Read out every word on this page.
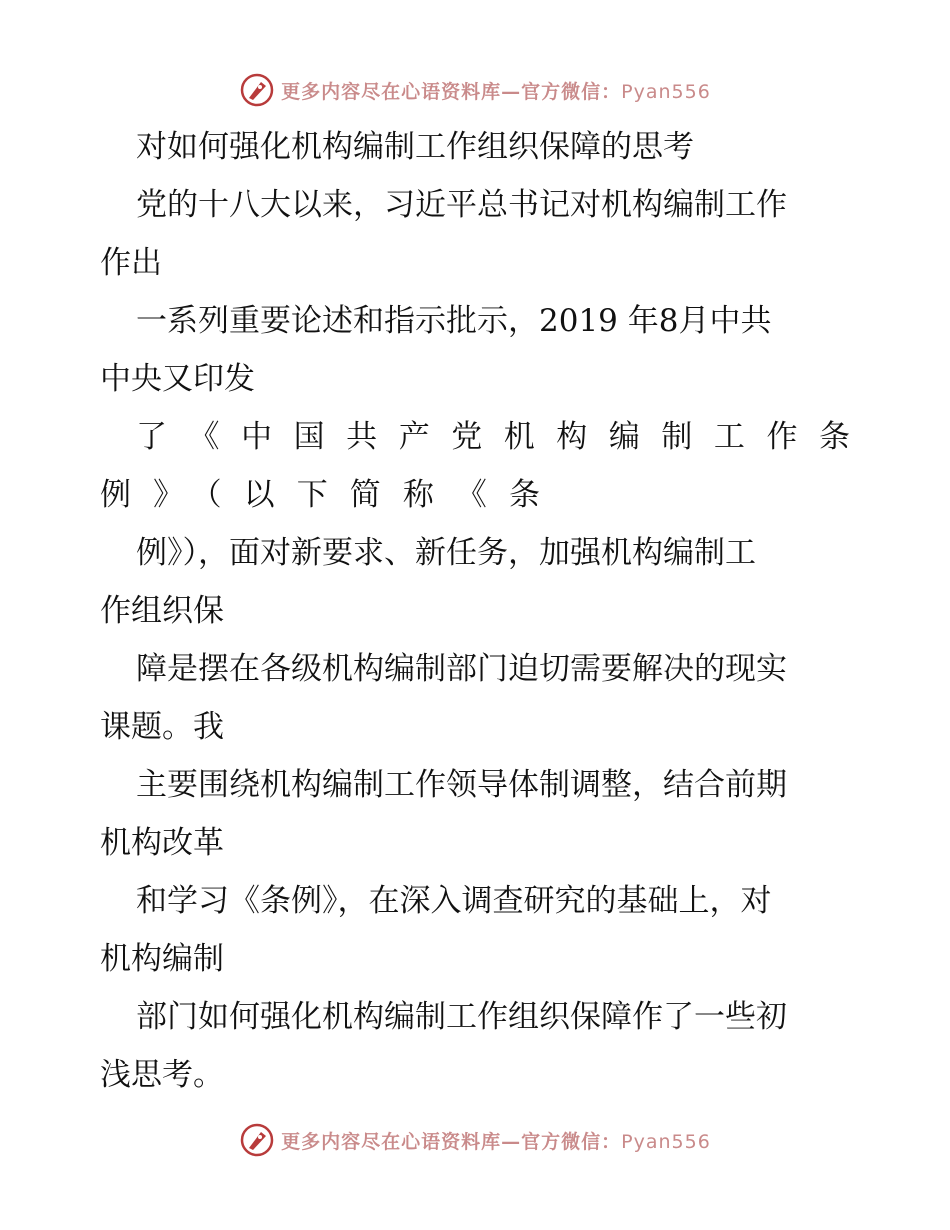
更多内容尽在心语资料库—官方微信：Pyan556
对如何强化机构编制工作组织保障的思考
党的十八大以来，习近平总书记对机构编制工作
作出
一系列重要论述和指示批示，2019 年8月中共
中央又印发
了《中国共产党机构编制工作条
例》（以下简称《条
例》），面对新要求、新任务，加强机构编制工
作组织保
障是摆在各级机构编制部门迫切需要解决的现实
课题。我
主要围绕机构编制工作领导体制调整，结合前期
机构改革
和学习《条例》，在深入调查研究的基础上，对
机构编制
部门如何强化机构编制工作组织保障作了一些初
浅思考。
更多内容尽在心语资料库—官方微信：Pyan556
